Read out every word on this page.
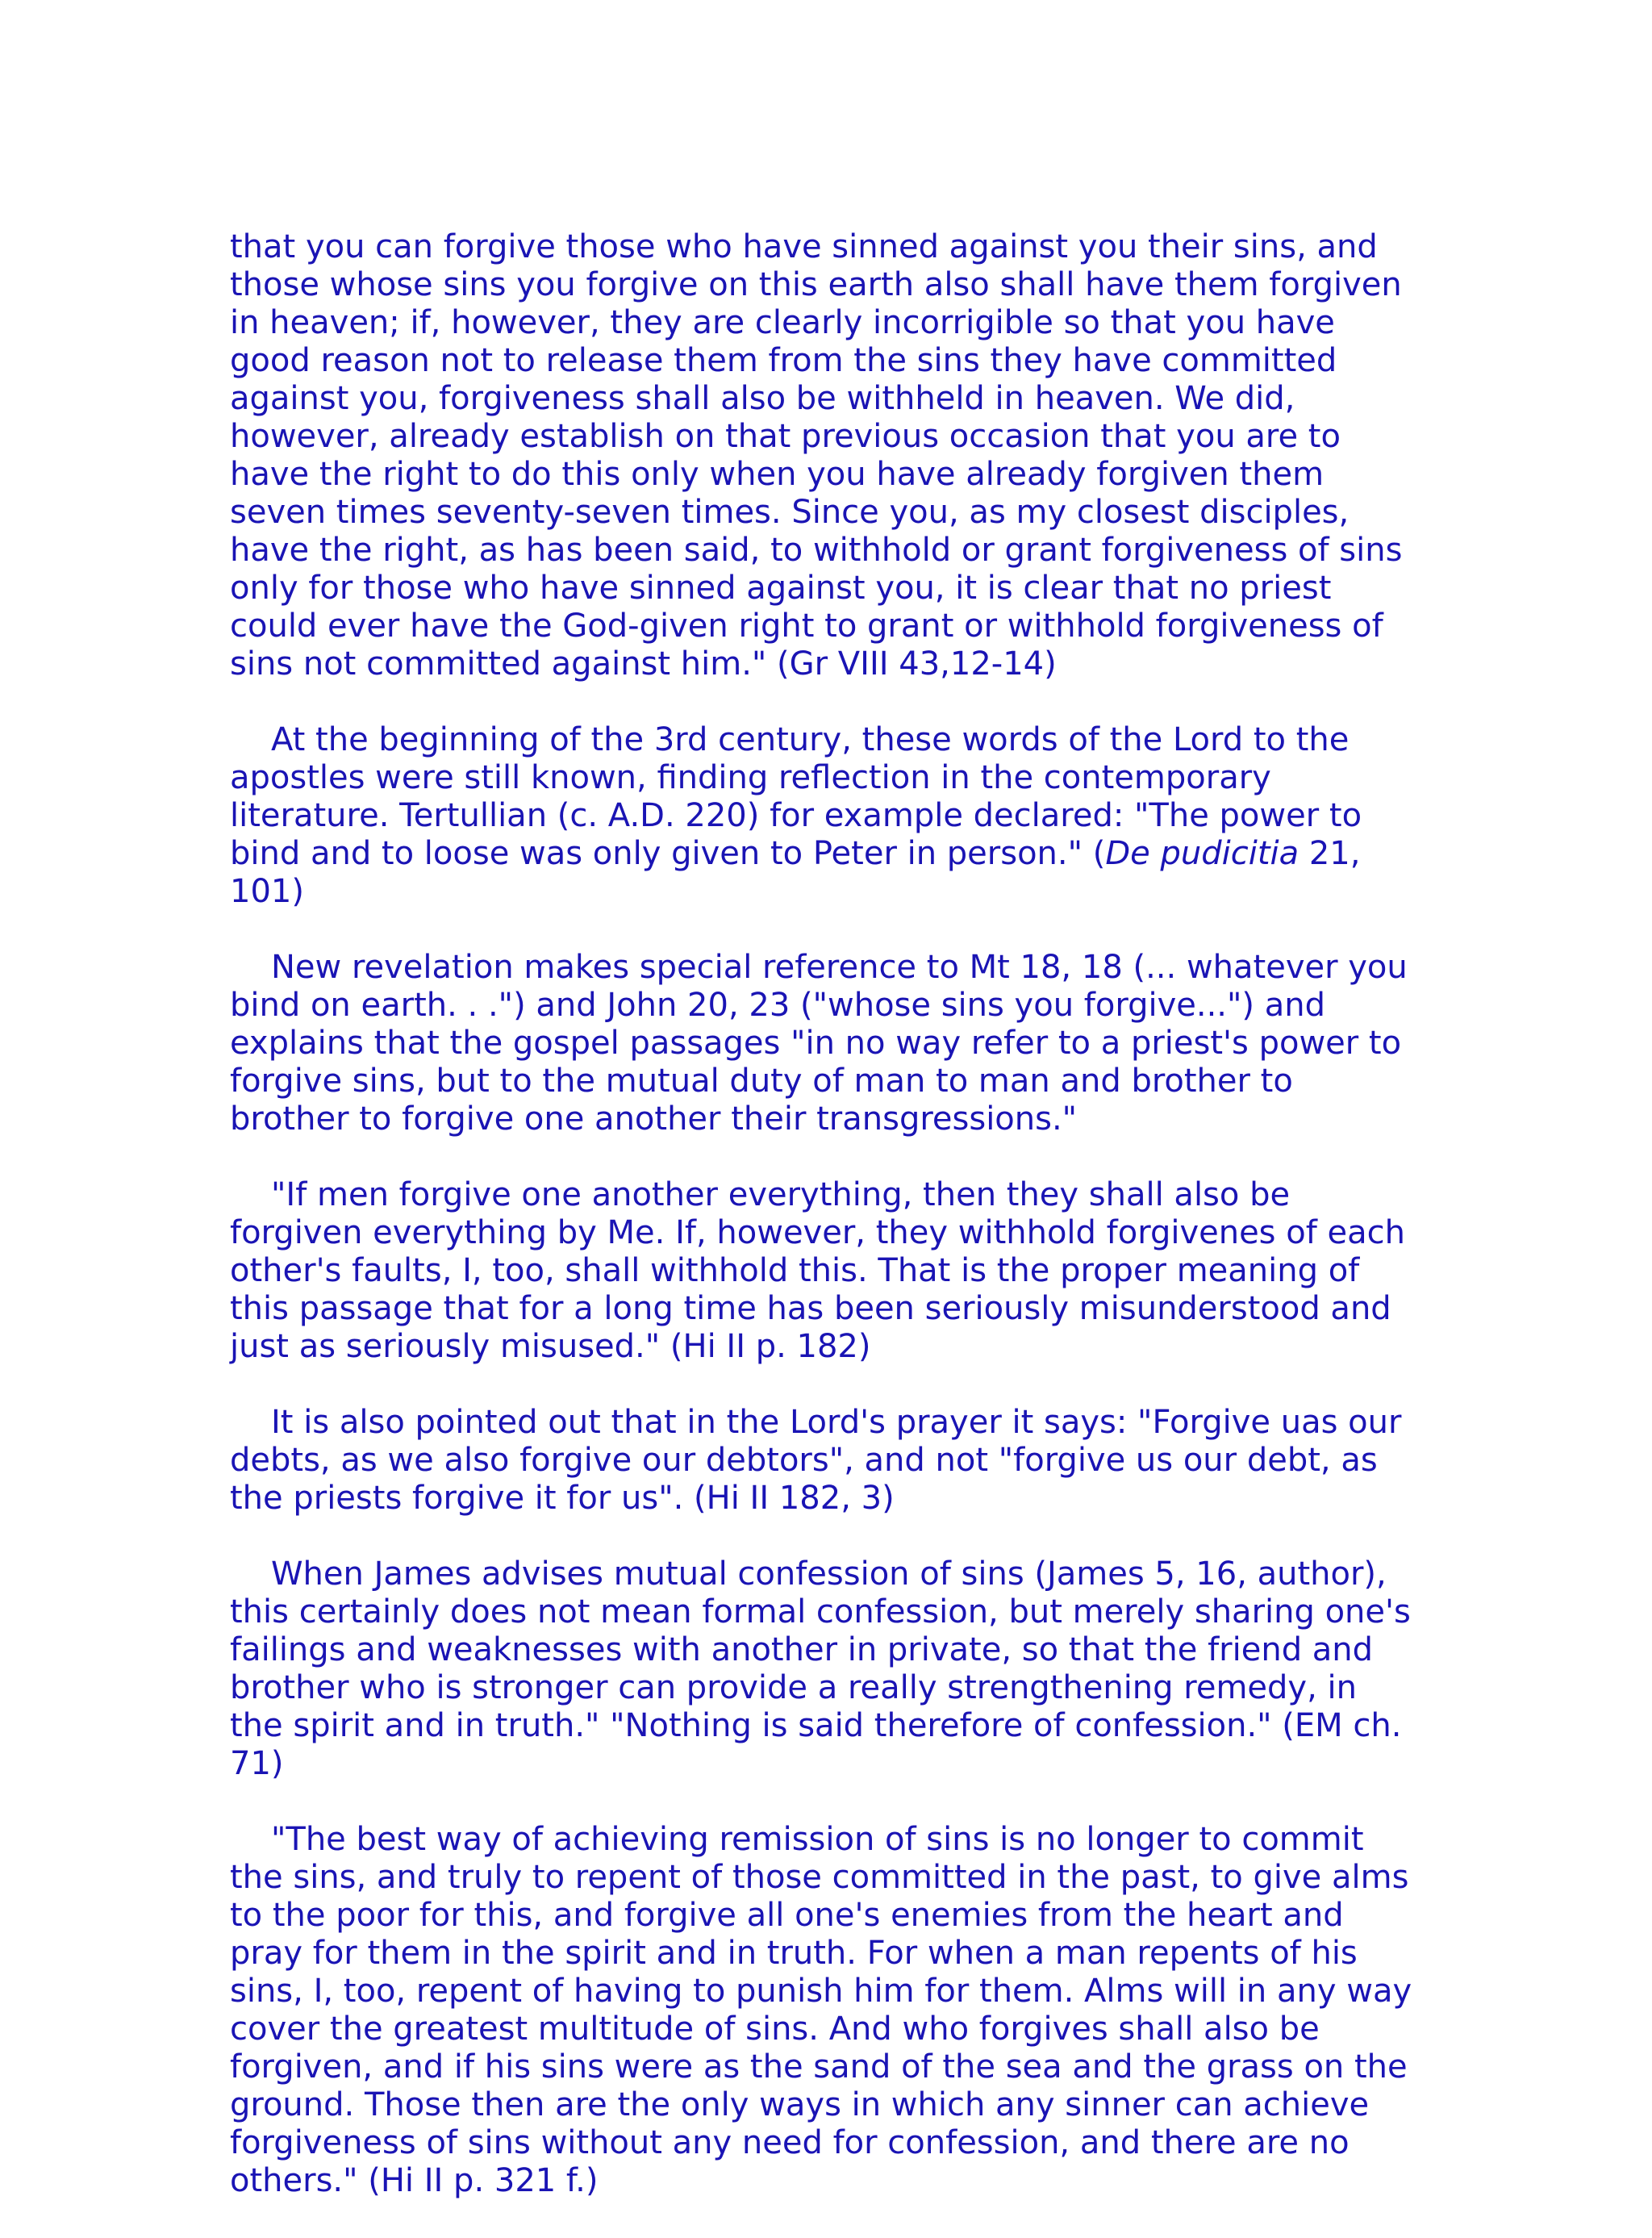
that you can forgive those who have sinned against you their sins, and
those whose sins you forgive on this earth also shall have them forgiven
in heaven; if, however, they are clearly incorrigible so that you have
good reason not to release them from the sins they have committed
against you, forgiveness shall also be withheld in heaven. We did,
however, already establish on that previous occasion that you are to
have the right to do this only when you have already forgiven them
seven times seventy-seven times. Since you, as my closest disciples,
have the right, as has been said, to withhold or grant forgiveness of sins
only for those who have sinned against you, it is clear that no priest
could ever have the God-given right to grant or withhold forgiveness of
sins not committed against him." (Gr VIII 43,12-14)

At the beginning of the 3rd century, these words of the Lord to the
apostles were still known, finding reflection in the contemporary
literature. Tertullian (c. A.D. 220) for example declared: "The power to
bind and to loose was only given to Peter in person." (De pudicitia 21,
101)

New revelation makes special reference to Mt 18, 18 (... whatever you
bind on earth. . .") and John 20, 23 ("whose sins you forgive...") and
explains that the gospel passages "in no way refer to a priest's power to
forgive sins, but to the mutual duty of man to man and brother to
brother to forgive one another their transgressions."

"If men forgive one another everything, then they shall also be
forgiven everything by Me. If, however, they withhold forgivenes of each
other's faults, I, too, shall withhold this. That is the proper meaning of
this passage that for a long time has been seriously misunderstood and
just as seriously misused." (Hi II p. 182)

It is also pointed out that in the Lord's prayer it says: "Forgive uas our
debts, as we also forgive our debtors", and not "forgive us our debt, as
the priests forgive it for us". (Hi II 182, 3)

When James advises mutual confession of sins (James 5, 16, author),
this certainly does not mean formal confession, but merely sharing one's
failings and weaknesses with another in private, so that the friend and
brother who is stronger can provide a really strengthening remedy, in
the spirit and in truth." "Nothing is said therefore of confession." (EM ch.
71)

"The best way of achieving remission of sins is no longer to commit
the sins, and truly to repent of those committed in the past, to give alms
to the poor for this, and forgive all one's enemies from the heart and
pray for them in the spirit and in truth. For when a man repents of his
sins, I, too, repent of having to punish him for them. Alms will in any way
cover the greatest multitude of sins. And who forgives shall also be
forgiven, and if his sins were as the sand of the sea and the grass on the
ground. Those then are the only ways in which any sinner can achieve
forgiveness of sins without any need for confession, and there are no
others." (Hi II p. 321 f.)
